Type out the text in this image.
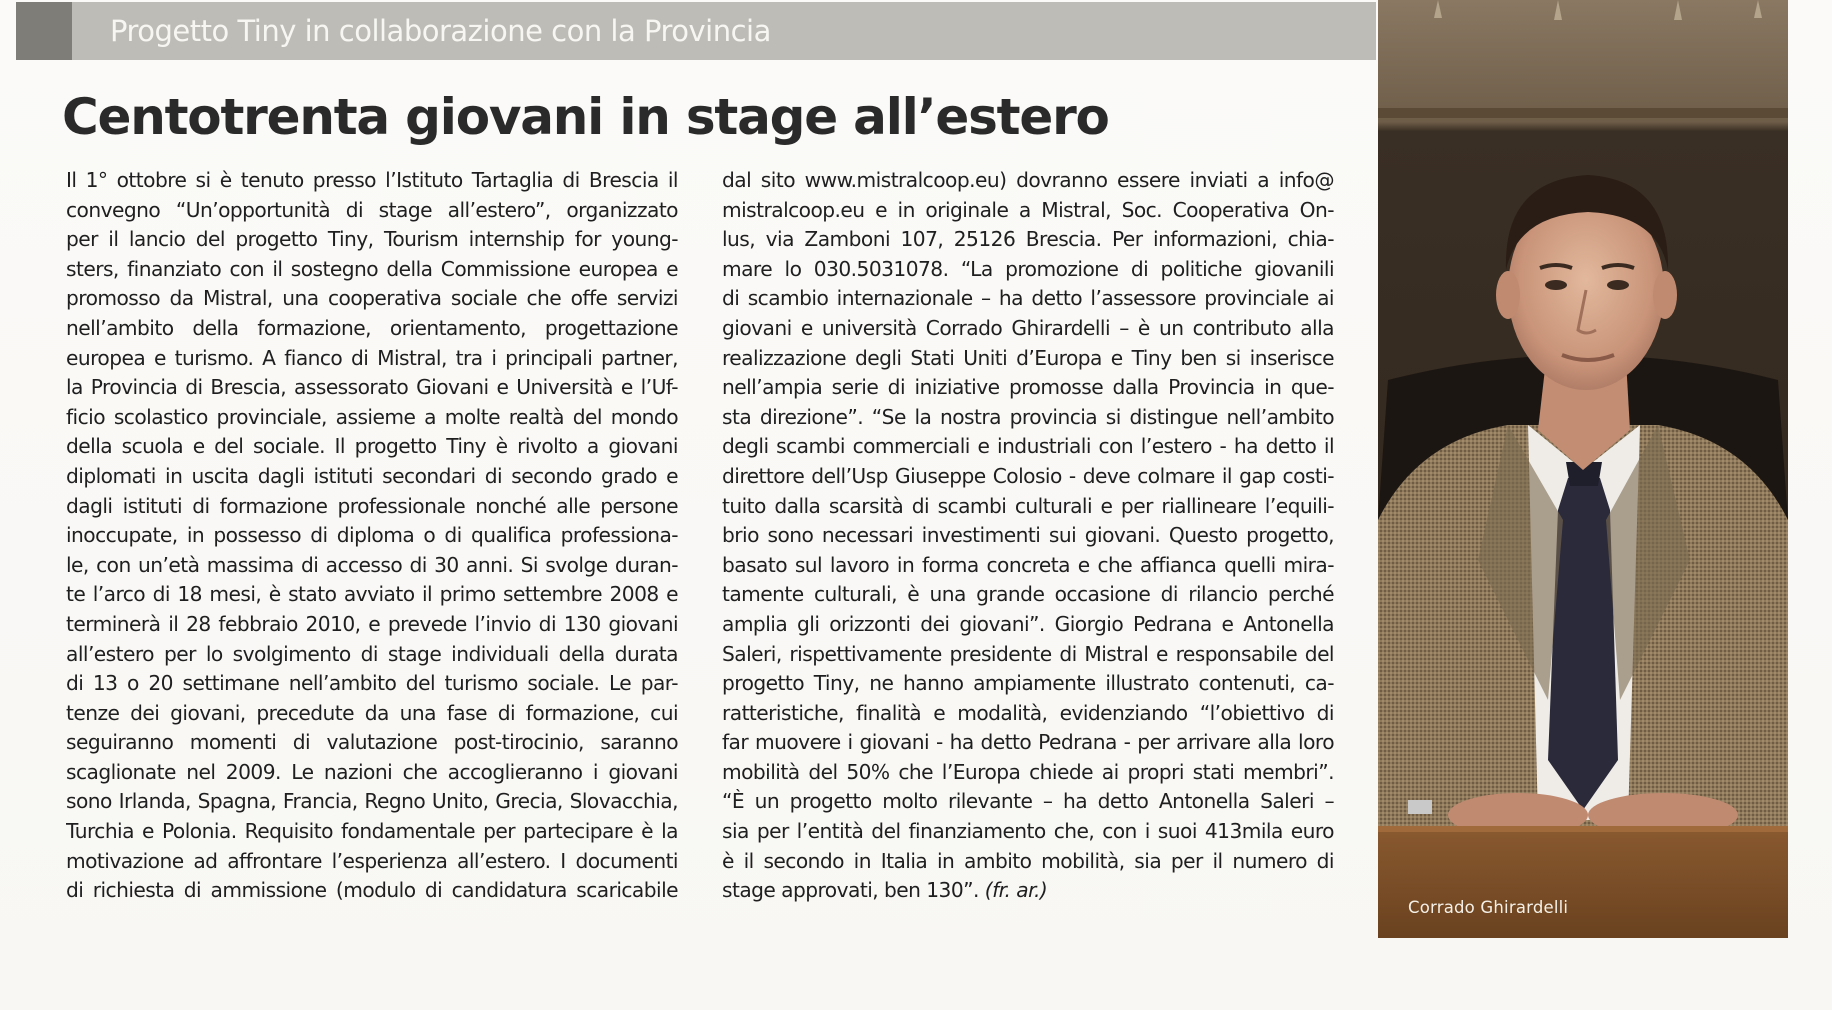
Progetto Tiny in collaborazione con la Provincia
Centotrenta giovani in stage all’estero
Il 1° ottobre si è tenuto presso l’Istituto Tartaglia di Brescia il
convegno “Un’opportunità di stage all’estero”, organizzato
per il lancio del progetto Tiny, Tourism internship for young-
sters, finanziato con il sostegno della Commissione europea e
promosso da Mistral, una cooperativa sociale che offe servizi
nell’ambito della formazione, orientamento, progettazione
europea e turismo. A fianco di Mistral, tra i principali partner,
la Provincia di Brescia, assessorato Giovani e Università e l’Uf-
ficio scolastico provinciale, assieme a molte realtà del mondo
della scuola e del sociale. Il progetto Tiny è rivolto a giovani
diplomati in uscita dagli istituti secondari di secondo grado e
dagli istituti di formazione professionale nonché alle persone
inoccupate, in possesso di diploma o di qualifica professiona-
le, con un’età massima di accesso di 30 anni. Si svolge duran-
te l’arco di 18 mesi, è stato avviato il primo settembre 2008 e
terminerà il 28 febbraio 2010, e prevede l’invio di 130 giovani
all’estero per lo svolgimento di stage individuali della durata
di 13 o 20 settimane nell’ambito del turismo sociale. Le par-
tenze dei giovani, precedute da una fase di formazione, cui
seguiranno momenti di valutazione post-tirocinio, saranno
scaglionate nel 2009. Le nazioni che accoglieranno i giovani
sono Irlanda, Spagna, Francia, Regno Unito, Grecia, Slovacchia,
Turchia e Polonia. Requisito fondamentale per partecipare è la
motivazione ad affrontare l’esperienza all’estero. I documenti
di richiesta di ammissione (modulo di candidatura scaricabile
dal sito www.mistralcoop.eu) dovranno essere inviati a info@
mistralcoop.eu e in originale a Mistral, Soc. Cooperativa On-
lus, via Zamboni 107, 25126 Brescia. Per informazioni, chia-
mare lo 030.5031078. “La promozione di politiche giovanili
di scambio internazionale – ha detto l’assessore provinciale ai
giovani e università Corrado Ghirardelli – è un contributo alla
realizzazione degli Stati Uniti d’Europa e Tiny ben si inserisce
nell’ampia serie di iniziative promosse dalla Provincia in que-
sta direzione”. “Se la nostra provincia si distingue nell’ambito
degli scambi commerciali e industriali con l’estero - ha detto il
direttore dell’Usp Giuseppe Colosio - deve colmare il gap costi-
tuito dalla scarsità di scambi culturali e per riallineare l’equili-
brio sono necessari investimenti sui giovani. Questo progetto,
basato sul lavoro in forma concreta e che affianca quelli mira-
tamente culturali, è una grande occasione di rilancio perché
amplia gli orizzonti dei giovani”. Giorgio Pedrana e Antonella
Saleri, rispettivamente presidente di Mistral e responsabile del
progetto Tiny, ne hanno ampiamente illustrato contenuti, ca-
ratteristiche, finalità e modalità, evidenziando “l’obiettivo di
far muovere i giovani - ha detto Pedrana - per arrivare alla loro
mobilità del 50% che l’Europa chiede ai propri stati membri”.
“È un progetto molto rilevante – ha detto Antonella Saleri –
sia per l’entità del finanziamento che, con i suoi 413mila euro
è il secondo in Italia in ambito mobilità, sia per il numero di
stage approvati, ben 130”. (fr. ar.)
Corrado Ghirardelli
